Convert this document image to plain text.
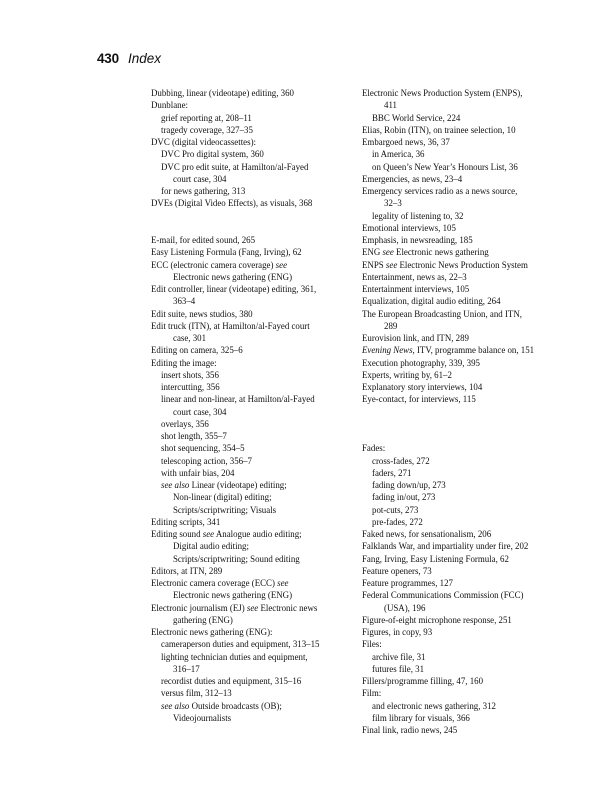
430 Index
Dubbing, linear (videotape) editing, 360
Dunblane:
grief reporting at, 208–11
tragedy coverage, 327–35
DVC (digital videocassettes):
DVC Pro digital system, 360
DVC pro edit suite, at Hamilton/al-Fayed
court case, 304
for news gathering, 313
DVEs (Digital Video Effects), as visuals, 368
E-mail, for edited sound, 265
Easy Listening Formula (Fang, Irving), 62
ECC (electronic camera coverage) see
Electronic news gathering (ENG)
Edit controller, linear (videotape) editing, 361,
363–4
Edit suite, news studios, 380
Edit truck (ITN), at Hamilton/al-Fayed court
case, 301
Editing on camera, 325–6
Editing the image:
insert shots, 356
intercutting, 356
linear and non-linear, at Hamilton/al-Fayed
court case, 304
overlays, 356
shot length, 355–7
shot sequencing, 354–5
telescoping action, 356–7
with unfair bias, 204
see also Linear (videotape) editing;
Non-linear (digital) editing;
Scripts/scriptwriting; Visuals
Editing scripts, 341
Editing sound see Analogue audio editing;
Digital audio editing;
Scripts/scriptwriting; Sound editing
Editors, at ITN, 289
Electronic camera coverage (ECC) see
Electronic news gathering (ENG)
Electronic journalism (EJ) see Electronic news
gathering (ENG)
Electronic news gathering (ENG):
cameraperson duties and equipment, 313–15
lighting technician duties and equipment,
316–17
recordist duties and equipment, 315–16
versus film, 312–13
see also Outside broadcasts (OB);
Videojournalists
Electronic News Production System (ENPS),
411
BBC World Service, 224
Elias, Robin (ITN), on trainee selection, 10
Embargoed news, 36, 37
in America, 36
on Queen’s New Year’s Honours List, 36
Emergencies, as news, 23–4
Emergency services radio as a news source,
32–3
legality of listening to, 32
Emotional interviews, 105
Emphasis, in newsreading, 185
ENG see Electronic news gathering
ENPS see Electronic News Production System
Entertainment, news as, 22–3
Entertainment interviews, 105
Equalization, digital audio editing, 264
The European Broadcasting Union, and ITN,
289
Eurovision link, and ITN, 289
Evening News, ITV, programme balance on, 151
Execution photography, 339, 395
Experts, writing by, 61–2
Explanatory story interviews, 104
Eye-contact, for interviews, 115
Fades:
cross-fades, 272
faders, 271
fading down/up, 273
fading in/out, 273
pot-cuts, 273
pre-fades, 272
Faked news, for sensationalism, 206
Falklands War, and impartiality under fire, 202
Fang, Irving, Easy Listening Formula, 62
Feature openers, 73
Feature programmes, 127
Federal Communications Commission (FCC)
(USA), 196
Figure-of-eight microphone response, 251
Figures, in copy, 93
Files:
archive file, 31
futures file, 31
Fillers/programme filling, 47, 160
Film:
and electronic news gathering, 312
film library for visuals, 366
Final link, radio news, 245
